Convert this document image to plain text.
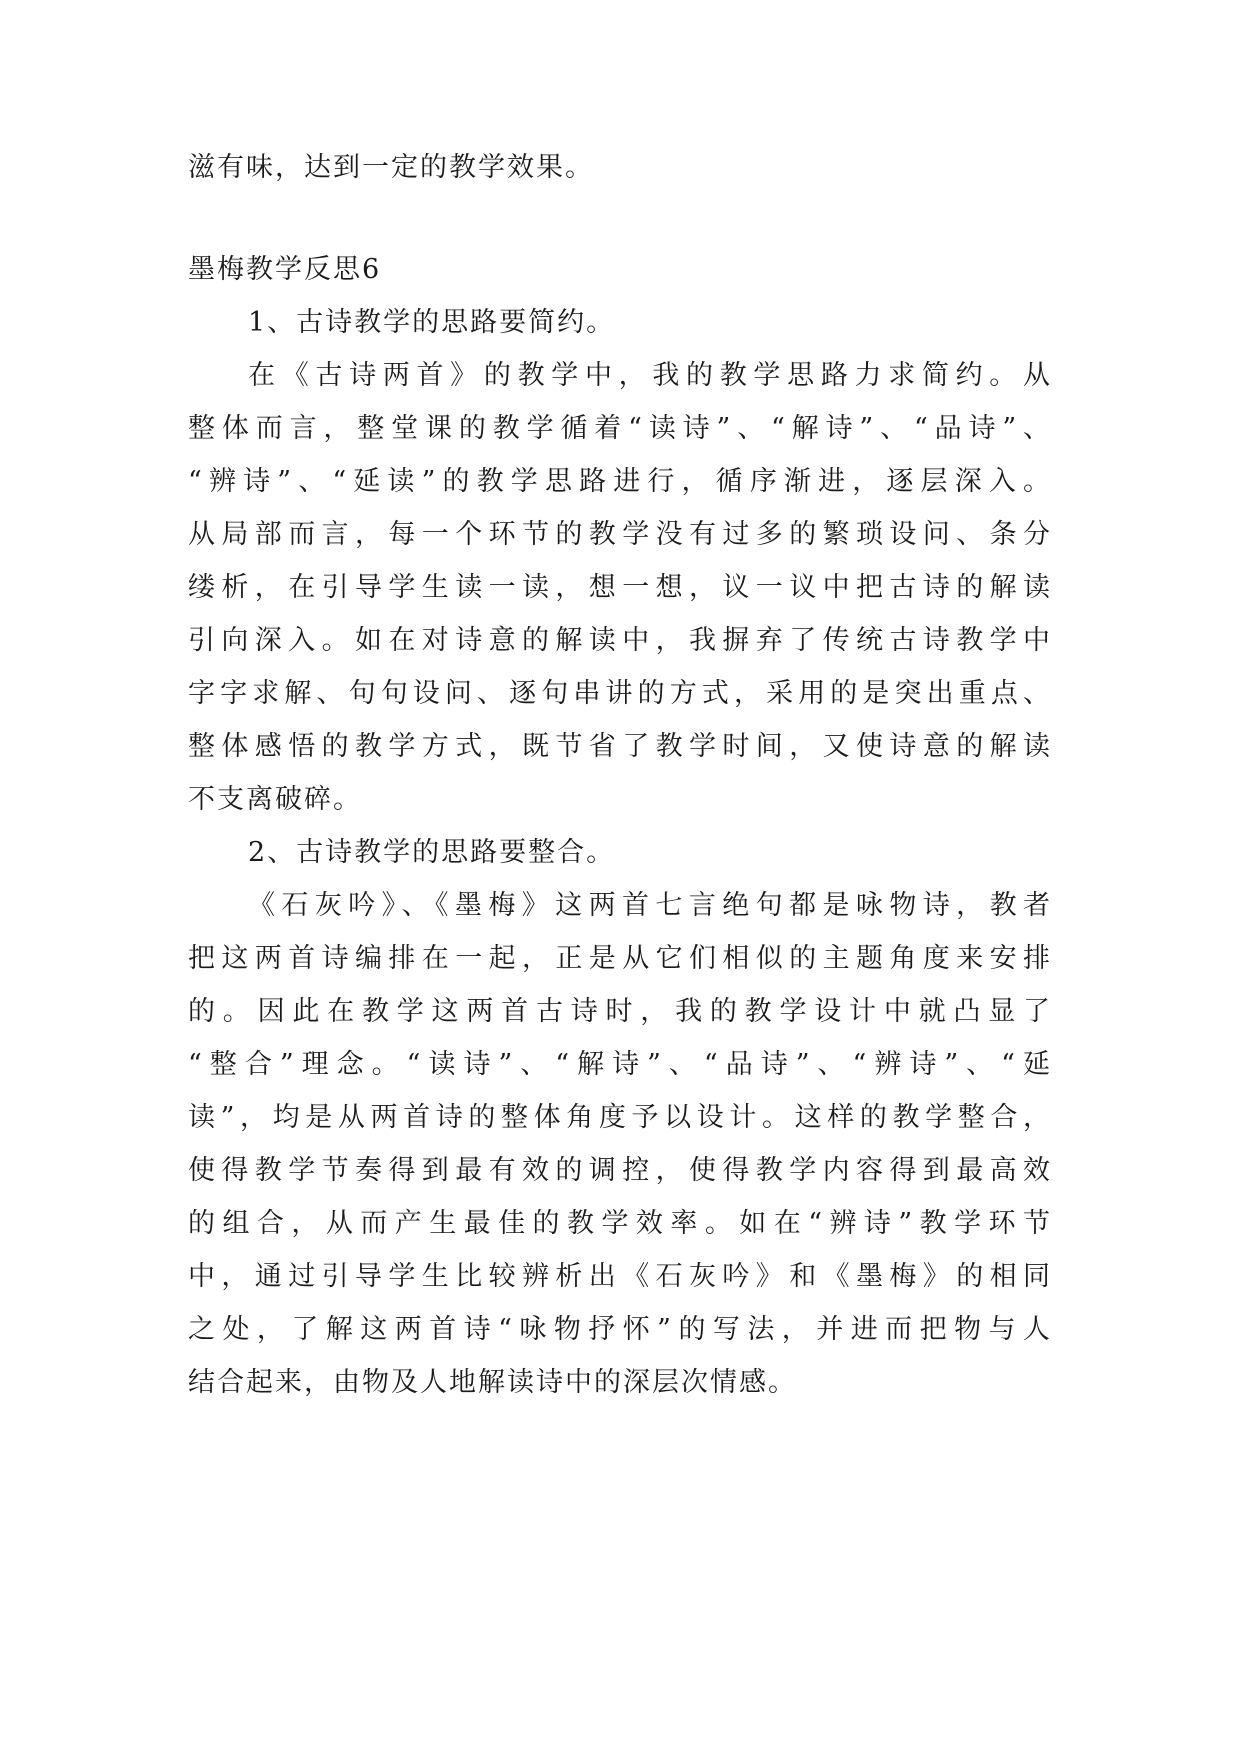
滋有味，达到一定的教学效果。
墨梅教学反思6
1、古诗教学的思路要简约。
在《古诗两首》的教学中，我的教学思路力求简约。从
整体而言，整堂课的教学循着“读诗”、“解诗”、“品诗”、
“辨诗”、“延读”的教学思路进行，循序渐进，逐层深入。
从局部而言，每一个环节的教学没有过多的繁琐设问、条分
缕析，在引导学生读一读，想一想，议一议中把古诗的解读
引向深入。如在对诗意的解读中，我摒弃了传统古诗教学中
字字求解、句句设问、逐句串讲的方式，采用的是突出重点、
整体感悟的教学方式，既节省了教学时间，又使诗意的解读
不支离破碎。
2、古诗教学的思路要整合。
《石灰吟》、《墨梅》这两首七言绝句都是咏物诗，教者
把这两首诗编排在一起，正是从它们相似的主题角度来安排
的。因此在教学这两首古诗时，我的教学设计中就凸显了
“整合”理念。“读诗”、“解诗”、“品诗”、“辨诗”、“延
读”，均是从两首诗的整体角度予以设计。这样的教学整合，
使得教学节奏得到最有效的调控，使得教学内容得到最高效
的组合，从而产生最佳的教学效率。如在“辨诗”教学环节
中，通过引导学生比较辨析出《石灰吟》和《墨梅》的相同
之处，了解这两首诗“咏物抒怀”的写法，并进而把物与人
结合起来，由物及人地解读诗中的深层次情感。
